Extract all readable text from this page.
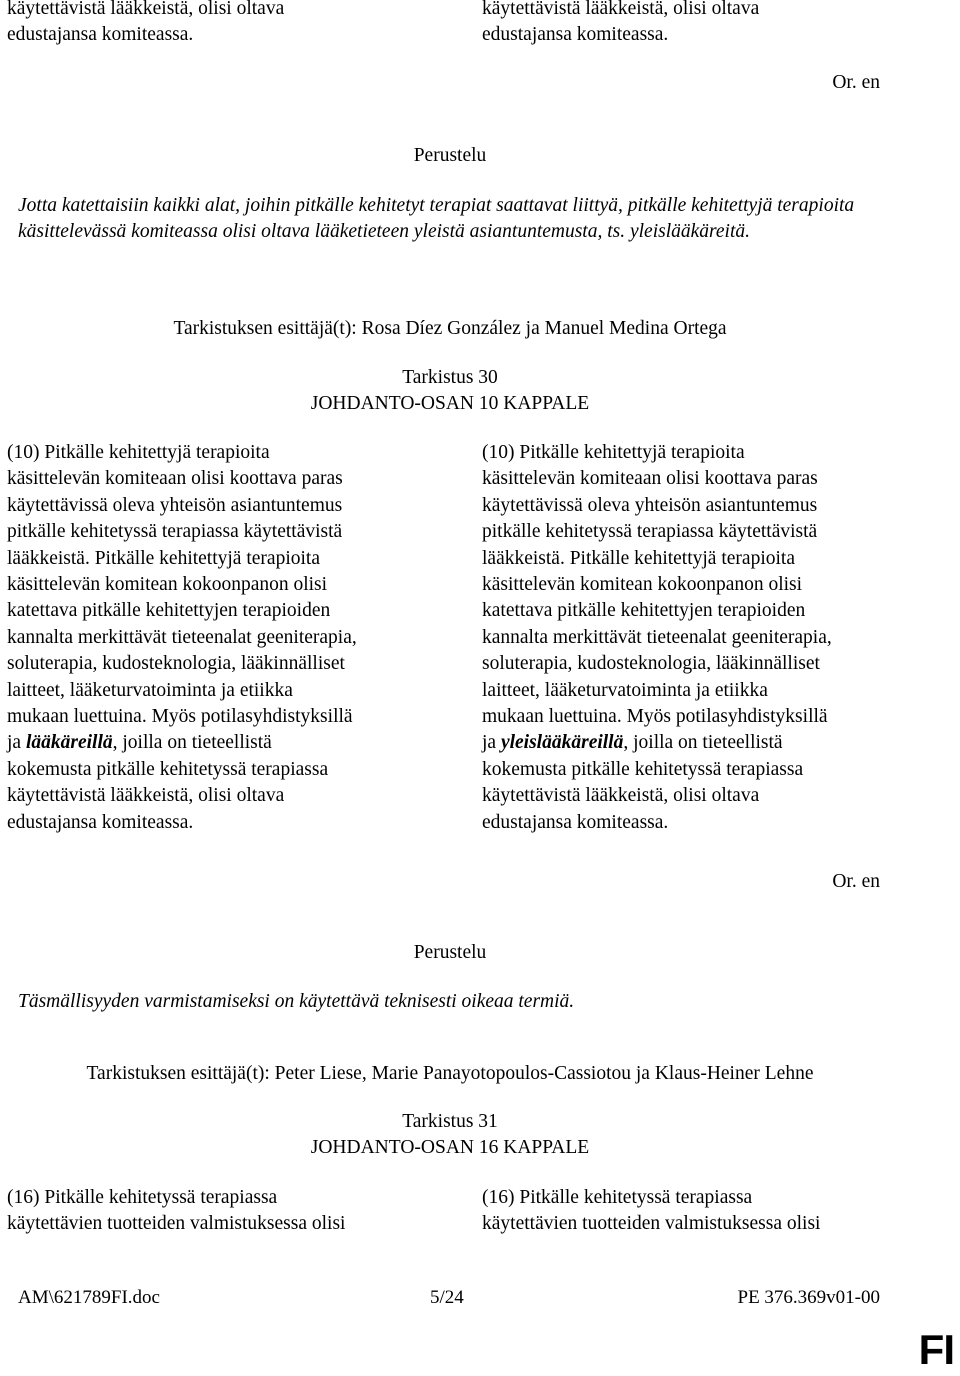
käytettävistä lääkkeistä, olisi oltava
edustajansa komiteassa.
käytettävistä lääkkeistä, olisi oltava
edustajansa komiteassa.
Or. en
Perustelu
Jotta katettaisiin kaikki alat, joihin pitkälle kehitetyt terapiat saattavat liittyä, pitkälle kehitettyjä terapioita käsittelevässä komiteassa olisi oltava lääketieteen yleistä asiantuntemusta, ts. yleislääkäreitä.
Tarkistuksen esittäjä(t): Rosa Díez González ja Manuel Medina Ortega
Tarkistus 30
JOHDANTO-OSAN 10 KAPPALE
(10) Pitkälle kehitettyjä terapioita
käsittelevän komiteaan olisi koottava paras
käytettävissä oleva yhteisön asiantuntemus
pitkälle kehitetyssä terapiassa käytettävistä
lääkkeistä. Pitkälle kehitettyjä terapioita
käsittelevän komitean kokoonpanon olisi
katettava pitkälle kehitettyjen terapioiden
kannalta merkittävät tieteenalat geeniterapia,
soluterapia, kudosteknologia, lääkinnälliset
laitteet, lääketurvatoiminta ja etiikka
mukaan luettuina. Myös potilasyhdistyksillä
ja lääkäreillä, joilla on tieteellistä
kokemusta pitkälle kehitetyssä terapiassa
käytettävistä lääkkeistä, olisi oltava
edustajansa komiteassa.
(10) Pitkälle kehitettyjä terapioita
käsittelevän komiteaan olisi koottava paras
käytettävissä oleva yhteisön asiantuntemus
pitkälle kehitetyssä terapiassa käytettävistä
lääkkeistä. Pitkälle kehitettyjä terapioita
käsittelevän komitean kokoonpanon olisi
katettava pitkälle kehitettyjen terapioiden
kannalta merkittävät tieteenalat geeniterapia,
soluterapia, kudosteknologia, lääkinnälliset
laitteet, lääketurvatoiminta ja etiikka
mukaan luettuina. Myös potilasyhdistyksillä
ja yleislääkäreillä, joilla on tieteellistä
kokemusta pitkälle kehitetyssä terapiassa
käytettävistä lääkkeistä, olisi oltava
edustajansa komiteassa.
Or. en
Perustelu
Täsmällisyyden varmistamiseksi on käytettävä teknisesti oikeaa termiä.
Tarkistuksen esittäjä(t): Peter Liese, Marie Panayotopoulos-Cassiotou ja Klaus-Heiner Lehne
Tarkistus 31
JOHDANTO-OSAN 16 KAPPALE
(16) Pitkälle kehitetyssä terapiassa
käytettävien tuotteiden valmistuksessa olisi
(16) Pitkälle kehitetyssä terapiassa
käytettävien tuotteiden valmistuksessa olisi
AM\621789FI.doc	5/24	PE 376.369v01-00
FI
